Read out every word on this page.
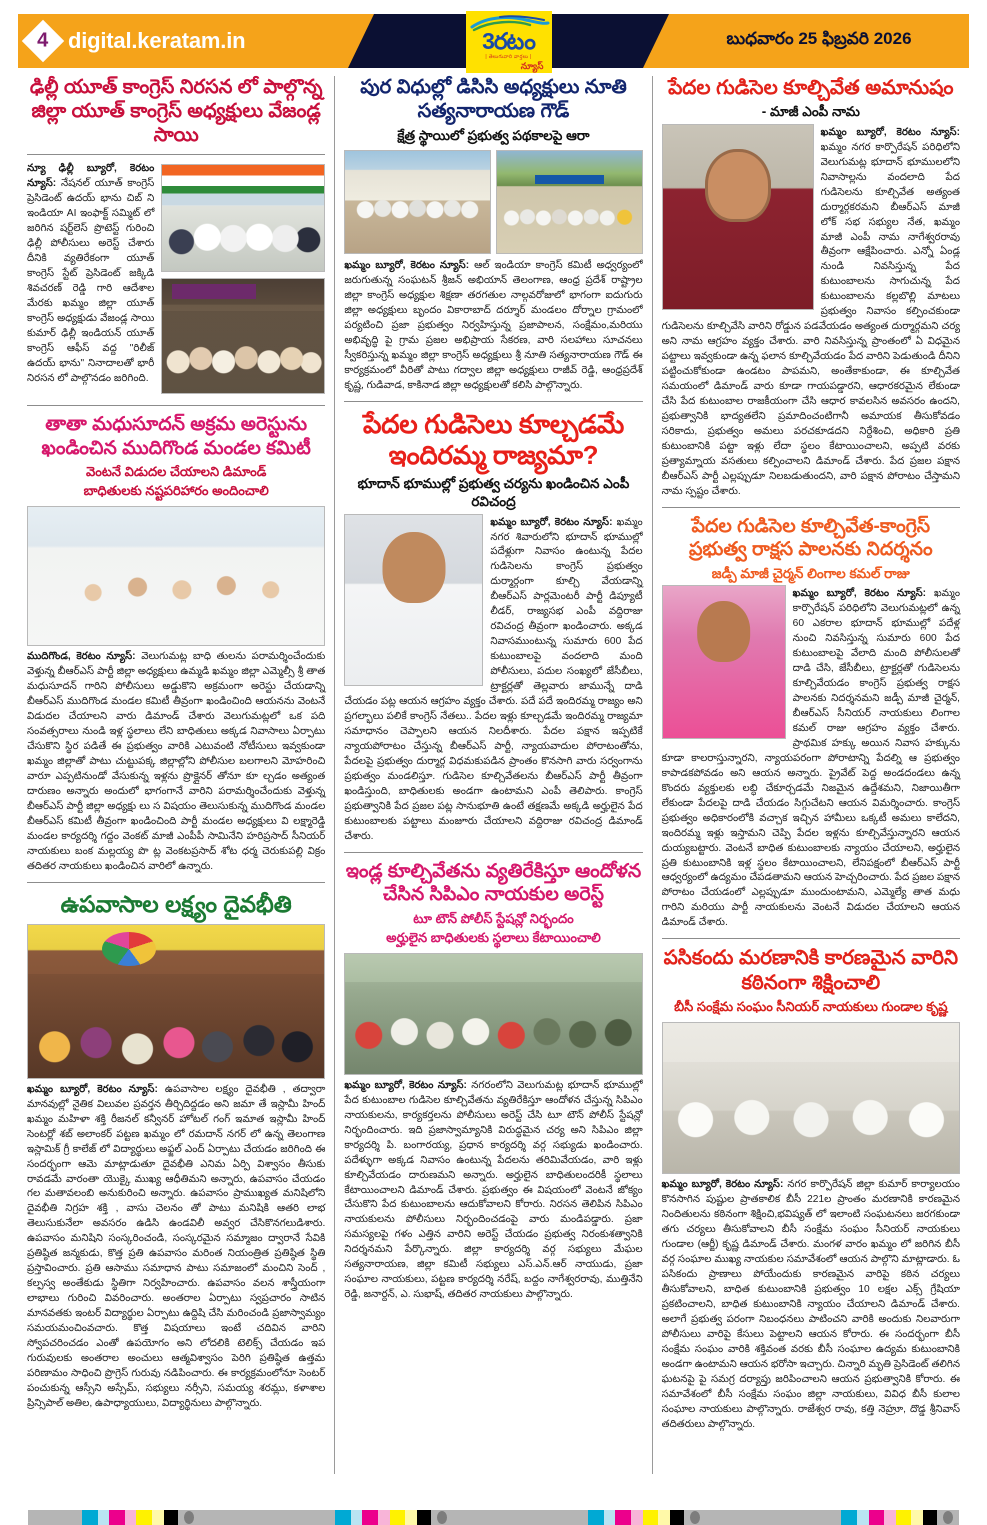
4 digital.keratam.in	3రటం
| తెలుగువారి వార్తలు |
న్యూస్
బుధవారం 25 ఫిబ్రవరి 2026
ఢిల్లీ యూత్ కాంగ్రెస్ నిరసన లో పాల్గొన్న జిల్లా యూత్ కాంగ్రెస్ అధ్యక్షులు వేజండ్ల సాయి
న్యూ ఢిల్లీ బ్యూరో, కెరటం న్యూస్: నేషనల్ యూత్ కాంగ్రెస్ ప్రెసిడెంట్ ఉదయ్ భాను చిబ్ ని ఇండియా AI ఇంఫాక్ట్ సమ్మిట్ లో జరిగిన షర్ట్‌లెస్ ప్రొటెస్ట్ గురించి ఢిల్లీ పోలీసులు అరెస్ట్ చేశారు దీనికి వ్యతిరేకంగా యూత్ కాంగ్రెస్ స్టేట్ ప్రెసిడెంట్ జక్కిడి శివచరణ్ రెడ్డి గారి ఆదేశాల మేరకు ఖమ్మం జిల్లా యూత్ కాంగ్రెస్ అధ్యక్షుడు వేజండ్ల సాయి కుమార్ ఢిల్లీ ఇండియన్ యూత్ కాంగ్రెస్ ఆఫీస్ వద్ద "రిలీజ్ ఉదయ్ భాను" నినాదాలతో భారీ నిరసన లో పాల్గొనడం జరిగింది.
తాతా మధుసూదన్ అక్రమ అరెస్టును ఖండించిన ముదిగొండ మండల కమిటీ
వెంటనే విడుదల చేయాలని డిమాండ్
బాధితులకు నష్టపరిహారం అందించాలి
ముదిగొండ, కెరటం న్యూస్: వెలుగుమట్ల బాధి తులను పరామర్శించేందుకు వెళ్తున్న బీఆర్ఎస్ పార్టీ జిల్లా అధ్యక్షులు ఉమ్మడి ఖమ్మం జిల్లా ఎమ్మెల్సీ శ్రీ తాత మధుసూదన్ గారిని పోలీసులు అడ్డుకొని అక్రమంగా అరెస్టు చేయడాన్ని బీఆర్ఎస్ ముదిగొండ మండల కమిటీ తీవ్రంగా ఖండించింది ఆయనను వెంటనే విడుదల చేయాలని వారు డిమాండ్ చేశారు వెలుగుమట్లలో ఒక పది సంవత్సరాలు నుండి ఇళ్ల స్థలాలు లేని బాధితులు అక్కడ నివాసాలు ఏర్పాటు చేసుకొని స్థిర పడితే ఈ ప్రభుత్వం వారికి ఎటువంటి నోటీసులు ఇవ్వకుండా ఖమ్మం జిల్లాతో పాటు చుట్టుపక్క జిల్లాల్లోని పోలీసుల బలగాలని మోహరించి వారూ ఎప్పటినుండో వేసుకున్న ఇళ్లను ప్రొక్లైనర్ తోనూ కూ ల్చడం అత్యంత దారుణం అన్నారు అందులో భాగంగానే వారిని పరామర్శించేందుకు వెళ్తున్న బీఆర్ఎస్ పార్టీ జిల్లా అధ్యక్షు లు స విషయం తెలుసుకున్న ముదిగొండ మండల బీఆర్ఎస్ కమిటీ తీవ్రంగా ఖండించింది పార్టీ మండల అధ్యక్షులు వి లక్ష్మారెడ్డి మండల కార్యదర్శి గద్దం వెంకట్ మాజీ ఎంపీపీ సామినేని హరిప్రసాద్ సీనియర్ నాయకులు బంక మల్లయ్య పొ ట్ల వెంకటప్రసాద్ శోట ధర్మ చెరుకుపల్లి విక్రం తదితర నాయకులు ఖండించిన వారిలో ఉన్నారు.
ఉపవాసాల లక్ష్యం దైవభీతి
ఖమ్మం బ్యూరో, కెరటం న్యూస్: ఉపవాసాల లక్ష్యం దైవభీతి , తద్వారా మానవుల్లో నైతిక విలువల ప్రవర్తన తీర్చిదిద్దడం అని జమా తే ఇస్లామీ హింద్ ఖమ్మం మహిళా శక్తి రీజనల్ కన్వీనర్ హోటల్ గంగ్ ఇమాత ఇస్లామీ హింద్ సెంటర్లో శబ్ అలాంకర్ పట్టణ ఖమ్మం లో రమదాన్ నగర్ లో ఉన్న తెలంగాణ ఇస్లామిక్ గ్రీ కాలేజ్ లో విద్యార్థులు అఫ్జల్ ఎంద్ ఏర్పాటు చేయడం జరిగింది ఈ సందర్భంగా ఆమె మాట్లాడుతూ దైవభీతి ఎనిమ ఏర్పి విశ్వాసం తీసుకు రావడమే వారంతా యొక్కై ముఖ్య ఆధీతిమని అన్నారు, ఉపవాసం చేయడం గల మతావలంబి అనుకురించి అన్నారు. ఉపవాసం ప్రాముఖ్యత మనిషిలోని దైవభీతి నిగ్రహ శక్తి , వాసు చెలనం తో పాటు మనిషికి ఆతరి లాభ తెలుసుకునేలా అవసరం ఉడిసి ఉండవిలీ అవ్వర చేసికొనగలుడిశారు. ఉపవాసం మనిషిని సంస్కరించండి, సంస్కరమైన సమ్మాజం ద్వారానే సేవికి ప్రతిష్ఠిత జన్మకుడు, కొత్త ప్రతి ఉపవాసం మరింత నియంత్రిత ప్రతిష్ఠిత స్థితి ప్రస్తావించారు. ప్రతి ఆసాము సమాధాన పాటు సమాజంలో మంచిని సెంద్ , కల్పస్వ అంతేకుడు స్థితిగా నిర్వహించారు. ఉపవాసం వలన శాస్త్రీయంగా లాభాలు గురించి వివరించారు. అంతరాల ఏర్పాటు స్వప్రచారం సాటిన మానవతకు ఇంటర్ విద్యార్థుల ఏర్పాటు ఉద్దిషి చేసి మరించండి ప్రజాస్వామ్యం సమయమంచింవచారు. కొత్త విషయాలు ఇంటే చదివిన వారిని స్వోపచరించడం ఎంతో ఉపయోగం అని లోదలికి టెలిక్స్ చేయడం ఇప గురువులకు అంతరాల అంచులు ఆత్మవిశ్వాసం పెరిగి ప్రతిష్ఠిత ఉత్తమ పరిణామం సాధించి ప్రొగ్రెస్ గురువు నడిపించారు. ఈ కార్యక్రమంలోనూ సెంటర్ పంచుకున్న ఆస్సీని అస్సేమ్, సభ్యులు నర్సీని, సమయ్య శరమ్లు, కళాశాల ప్రిన్సిపాల్ అతిల, ఉపాధ్యాయులు, విద్యార్థినులు పాల్గొన్నారు.
పుర విధుల్లో డిసిసి అధ్యక్షులు నూతి సత్యనారాయణ గౌడ్
క్షేత్ర స్థాయిలో ప్రభుత్వ పథకాలపై ఆరా
ఖమ్మం బ్యూరో, కెరటం న్యూస్: ఆల్ ఇండియా కాంగ్రెస్ కమిటీ అధ్వర్యంలో జరుగుతున్న సంఘటన్ శ్రీజన్ అభియాన్ తెలంగాణ, ఆంధ్ర ప్రదేశ్ రాష్ట్రాల జిల్లా కాంగ్రెస్ అధ్యక్షుల శిక్షణా తరగతుల నాల్గవరోజులో భాగంగా ఐదుగురు జిల్లా అధ్యక్షులు బృందం వికారాబాద్ దర్శూర్ మండలం దోర్నాల గ్రామంలో పర్యటించి ప్రజా ప్రభుత్వం నిర్వహిస్తున్న ప్రజాపాలన, సంక్షేమం,మరియు అభివృద్ధి పై గ్రామ ప్రజల అభిప్రాయ సేకరణ, వారి సలహాలు సూచనలు స్వీకరిస్తున్న ఖమ్మం జిల్లా కాంగ్రెస్ అధ్యక్షులు శ్రీ నూతి సత్యనారాయణ గౌడ్ ఈ కార్యక్రమంలో వీరితో పాటు గద్వాల జిల్లా అధ్యక్షులు రాజీవ్ రెడ్డి, ఆంధ్రప్రదేశ్ కృష్ణ, గుడివాడ, కాకినాడ జిల్లా అధ్యక్షులతో కలిసి పాల్గొన్నారు.
పేదల గుడిసెలు కూల్చడమే ఇందిరమ్మ రాజ్యమా?
భూదాన్ భూముల్లో ప్రభుత్వ చర్యను ఖండించిన ఎంపీ రవిచంద్ర
ఖమ్మం బ్యూరో, కెరటం న్యూస్: ఖమ్మం నగర శివారులోని భూదాన్ భూముల్లో పదేళ్లుగా నివాసం ఉంటున్న పేదల గుడిసెలను కాంగ్రెస్ ప్రభుత్వం దుర్మార్గంగా కూల్చి వేయడాన్ని బీఆర్ఎస్ పార్లమెంటరీ పార్టీ డిప్యూటీ లీడర్, రాజ్యసభ ఎంపీ వద్దిరాజు రవిచంద్ర తీవ్రంగా ఖండించారు. అక్కడ నివాసముంటున్న సుమారు 600 పేద కుటుంబాలపై వందలాది మంది పోలీసులు, పదుల సంఖ్యలో జేసీబీలు, ట్రాక్టర్లతో తెల్లవారు జామున్నే దాడి చేయడం పట్ల ఆయన ఆగ్రహం వ్యక్తం చేశారు. పదే పదే ఇందిరమ్మ రాజ్యం అని ప్రగల్భాలు పలికే కాంగ్రెస్ నేతలు.. పేదల ఇళ్లు కూల్చడమే ఇందిరమ్మ రాజ్యమా సమాధానం చెప్పాలని ఆయన నిలదీశారు. పేదల పక్షాన ఇప్పటికే న్యాయపోరాటం చేస్తున్న బీఆర్ఎస్ పార్టీ, న్యాయవాదుల పోరాటంతోను, పేదలపై ప్రభుత్వం దుర్మార్గ విధమకుపడిన ప్రాంతం కొనసాగి వారు సర్వంగాను ప్రభుత్వం మండలిస్తూ. గుడిసెల కూల్చివేతలను బీఆర్ఎస్ పార్టీ తీవ్రంగా ఖండిస్తుంది, బాధితులకు అండగా ఉంటామని ఎంపీ తెలిపారు. కాంగ్రెస్ ప్రభుత్వానికి పేద ప్రజల పట్ల సానుభూతి ఉంటే తక్షణమే అక్కడి అర్హులైన పేద కుటుంబాలకు పట్టాలు మంజూరు చేయాలని వద్దిరాజు రవిచంద్ర డిమాండ్ చేశారు.
ఇండ్ల కూల్చివేతను వ్యతిరేకిస్తూ ఆందోళన చేసిన సిపిఎం నాయకుల అరెస్ట్
టూ టౌన్ పోలీస్ స్టేషన్లో నిర్భందం
అర్హులైన బాధితులకు స్థలాలు కేటాయించాలి
ఖమ్మం బ్యూరో, కెరటం న్యూస్: నగరంలోని వెలుగుమట్ల భూదాన్ భూముల్లో పేద కుటుంబాల గుడిసెల కూల్చివేతను వ్యతిరేకిస్తూ ఆందోళన చేస్తున్న సిపిఎం నాయకులను, కార్యకర్తలను పోలీసులు అరెస్ట్ చేసి టూ టౌన్ పోలీస్ స్టేషన్లో నిర్భందించారు. ఇది ప్రజాస్వామ్యానికి విరుద్ధమైన చర్య అని సిపిఎం జిల్లా కార్యదర్శి పి. బంగారయ్య, ప్రధాన కార్యదర్శి వర్గ సభ్యుడు ఖండించారు. పదేళ్ళుగా అక్కడ నివాసం ఉంటున్న పేదలను తరిమివేయడం, వారి ఇళ్లు కూల్చివేయడం దారుణమని అన్నారు. అర్హులైన బాధితులందరికీ స్థలాలు కేటాయించాలని డిమాండ్ చేశారు. ప్రభుత్వం ఈ విషయంలో వెంటనే జోక్యం చేసుకొని పేద కుటుంబాలను ఆదుకోవాలని కోరారు. నిరసన తెలిపిన సిపిఎం నాయకులను పోలీసులు నిర్భందించడంపై వారు మండిపడ్డారు. ప్రజా సమస్యలపై గళం ఎత్తిన వారిని అరెస్ట్ చేయడం ప్రభుత్వ నిరంకుశత్వానికి నిదర్శనమని పేర్కొన్నారు. జిల్లా కార్యదర్శి వర్గ సభ్యులు మేఘల సత్యనారాయణ, జిల్లా కమిటీ సభ్యులు ఎస్.ఎన్.ఆర్ నాయుడు, ప్రజా సంఘాల నాయకులు, పట్టణ కార్యదర్శి నరేష్, బద్దం నాగేశ్వరరావు, ముత్తినేని రెడ్డి, జనార్దన్, ఎ. సుభాష్, తదితర నాయకులు పాల్గొన్నారు.
పేదల గుడిసెల కూల్చివేత అమానుషం
- మాజీ ఎంపీ నామ
ఖమ్మం బ్యూరో, కెరటం న్యూస్: ఖమ్మం నగర కార్పొరేషన్ పరిధిలోని వెలుగుమట్ల భూదాన్ భూములలోని నివాసాల్లను వందలాది పేద గుడిసెలను కూల్చివేత అత్యంత దుర్మార్గకరమని బీఆర్ఎస్ మాజీ లోక్ సభ సభ్యుల నేత, ఖమ్మం మాజీ ఎంపీ నామ నాగేశ్వరరావు తీవ్రంగా ఆక్షేపించారు. ఎన్నో ఏండ్ల నుండి నివసిస్తున్న పేద కుటుంబాలను సాగుచున్న పేద కుటుంబాలను కల్లబొల్లి మాటలు ప్రభుత్వం నివాసం కల్పించకుండా గుడిసెలను కూల్చివేసి వారిని రోడ్డున పడవేయడం అత్యంత దుర్మార్గమని చర్య అని నామ ఆగ్రహం వ్యక్తం చేశారు. వారి నివసిస్తున్న ప్రాంతంలో ఏ విధమైన పట్టాలు ఇవ్వకుండా ఉన్న ఫలాన కూల్చివేయడం పేద వారిని పెడుతుండి దీనిని పట్టించుకోకుండా ఉండటం పాపమని, అంతేకాకుండా, ఈ కూల్చివేత సమయంలో డిమాండ్ వారు కూడా గాయపడ్డారని, ఆధారకరమైన లేకుండా చేసి పేద కుటుంబాల రాజకీయంగా చేసి ఆధార కావలసిన అవసరం ఉందని, ప్రభుత్వానికి భాద్యతలేని ప్రమాదించంటిగానీ అమాయక తీసుకోవడం సరికాదు, ప్రభుత్వం అమలు పరచకూడదని నిర్దేశించి, అధికారి ప్రతి కుటుంబానికి పట్టా ఇళ్లు లేదా స్థలం కేటాయించాలని, అప్పటి వరకు ప్రత్యామ్నాయ వసతులు కల్పించాలని డిమాండ్ చేశారు. పేద ప్రజల పక్షాన బీఆర్ఎస్ పార్టీ ఎల్లప్పుడూ నిలబడుతుందని, వారి పక్షాన పోరాటం చేస్తామని నామ స్పష్టం చేశారు.
పేదల గుడిసెల కూల్చివేత-కాంగ్రెస్ ప్రభుత్వ రాక్షస పాలనకు నిదర్శనం
జడ్పీ మాజీ చైర్మన్ లింగాల కమల్ రాజు
ఖమ్మం బ్యూరో, కెరటం న్యూస్: ఖమ్మం కార్పొరేషన్ పరిధిలోని వెలుగుమట్లలో ఉన్న 60 ఎకరాల భూదాన్ భూముల్లో పదేళ్ల నుంచి నివసిస్తున్న సుమారు 600 పేద కుటుంబాలపై వేలాది మంది పోలీసులతో దాడి చేసి, జేసీబీలు, ట్రాక్టర్లతో గుడిసెలను కూల్చివేయడం కాంగ్రెస్ ప్రభుత్వ రాక్షస పాలనకు నిదర్శనమని జడ్పీ మాజీ చైర్మన్, బీఆర్ఎస్ సీనియర్ నాయకులు లింగాల కమల్ రాజు ఆగ్రహం వ్యక్తం చేశారు. ప్రాథమిక హక్కు అయిన నివాస హక్కును కూడా కాలరాస్తున్నారని, న్యాయపరంగా పోరాటాన్ని పేదల్ని ఆ ప్రభుత్వం కాపాడకపోవడం అని ఆయన అన్నారు. ప్రైవేట్ పెద్ద అండదండలు ఉన్న కొందరు వ్యక్తులకు లబ్ధి చేకూర్చడమే నిజమైన ఉద్దేశమని, నిజాయితీగా లేకుండా పేదలపై దాడి చేయడం సిగ్గుచేటని ఆయన విమర్శించారు. కాంగ్రెస్ ప్రభుత్వం అధికారంలోకి వచ్చాక ఇచ్చిన హామీలు ఒక్కటీ అమలు కాలేదని, ఇందిరమ్మ ఇళ్లు ఇస్తామని చెప్పి పేదల ఇళ్లను కూల్చివేస్తున్నారని ఆయన దుయ్యబట్టారు. వెంటనే బాధిత కుటుంబాలకు న్యాయం చేయాలని, అర్హులైన ప్రతి కుటుంబానికి ఇళ్ల స్థలం కేటాయించాలని, లేనిపక్షంలో బీఆర్ఎస్ పార్టీ ఆధ్వర్యంలో ఉద్యమం చేపడతామని ఆయన హెచ్చరించారు. పేద ప్రజల పక్షాన పోరాటం చేయడంలో ఎల్లప్పుడూ ముందుంటామని, ఎమ్మెల్యే తాత మధు గారిని మరియు పార్టీ నాయకులను వెంటనే విడుదల చేయాలని ఆయన డిమాండ్ చేశారు.
పసికందు మరణానికి కారణమైన వారిని కఠినంగా శిక్షించాలి
బీసీ సంక్షేమ సంఘం సీనియర్ నాయకులు గుండాల కృష్ణ
ఖమ్మం బ్యూరో, కెరటం న్యూస్: నగర కార్పొరేషన్ జిల్లా కుమార్ కార్యాలయం కొనసాగిన పుష్టుల ప్రాతకాలిక బీసీ 221ల ప్రాంతం మరణానికి కారణమైన నిందితులను కఠినంగా శిక్షించి,భవిష్యత్ లో ఇలాంటి సంఘటనలు జరగకుండా తగు చర్యలు తీసుకోవాలని బీసీ సంక్షేమ సంఘం సీనియర్ నాయకులు గుండాల (ఆర్జీ) కృష్ణ డిమాండ్ చేశారు. మంగళ వారం ఖమ్మం లో జరిగిన బీసీ వర్గ సంఘాల ముఖ్య నాయకుల సమావేశంలో ఆయన పాల్గొని మాట్లాడారు. ఓ పసికందు ప్రాణాలు పోయేందుకు కారణమైన వారిపై కఠిన చర్యలు తీసుకోవాలని, బాధిత కుటుంబానికి ప్రభుత్వం 10 లక్షల ఎక్స్ గ్రేషియా ప్రకటించాలని, బాధిత కుటుంబానికి న్యాయం చేయాలని డిమాండ్ చేశారు. అలాగే ప్రభుత్వ పరంగా నిబంధనలు పాటించని వారికి అందుకు నిలవారుగా పోలీసులు వారిపై కేసులు పెట్టాలని ఆయన కోరారు. ఈ సందర్భంగా బీసీ సంక్షేమ సంఘం వారికి శక్తివంత వరకు బీసీ సంఘాల ఉద్యమ కుటుంబానికి అండగా ఉంటామని ఆయన భరోసా ఇచ్చారు. చిన్నారి మృతి ప్రెసిడెంట్ తలిగిన ఘటనపై పై సమగ్ర దర్యాప్తు జరిపించాలని ఆయన ప్రభుత్వానికి కోరారు. ఈ సమావేశంలో బీసీ సంక్షేమ సంఘం జిల్లా నాయకులు, వివిధ బీసీ కులాల సంఘాల నాయకులు పాల్గొన్నారు. రాజేశ్వర రావు, కత్తి నెహ్రూ, దొడ్డ శ్రీనివాస్ తదితరులు పాల్గొన్నారు.
